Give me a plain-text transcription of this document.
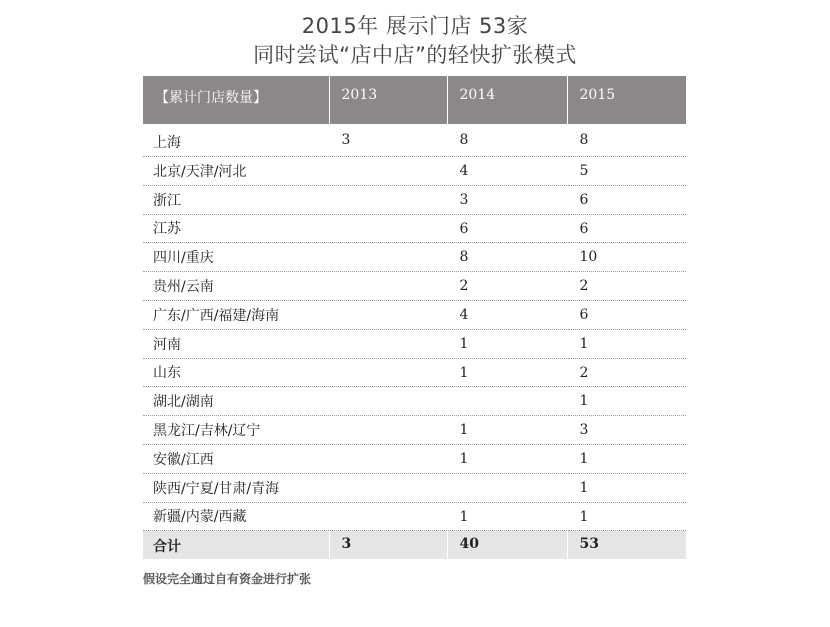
2015年 展示门店 53家
同时尝试“店中店”的轻快扩张模式
【累计门店数量】	2013	2014	2015
上海	3	8	8
北京/天津/河北		4	5
浙江		3	6
江苏		6	6
四川/重庆		8	10
贵州/云南		2	2
广东/广西/福建/海南		4	6
河南		1	1
山东		1	2
湖北/湖南			1
黑龙江/吉林/辽宁		1	3
安徽/江西		1	1
陕西/宁夏/甘肃/青海			1
新疆/内蒙/西藏		1	1
合计	3	40	53
假设完全通过自有资金进行扩张
